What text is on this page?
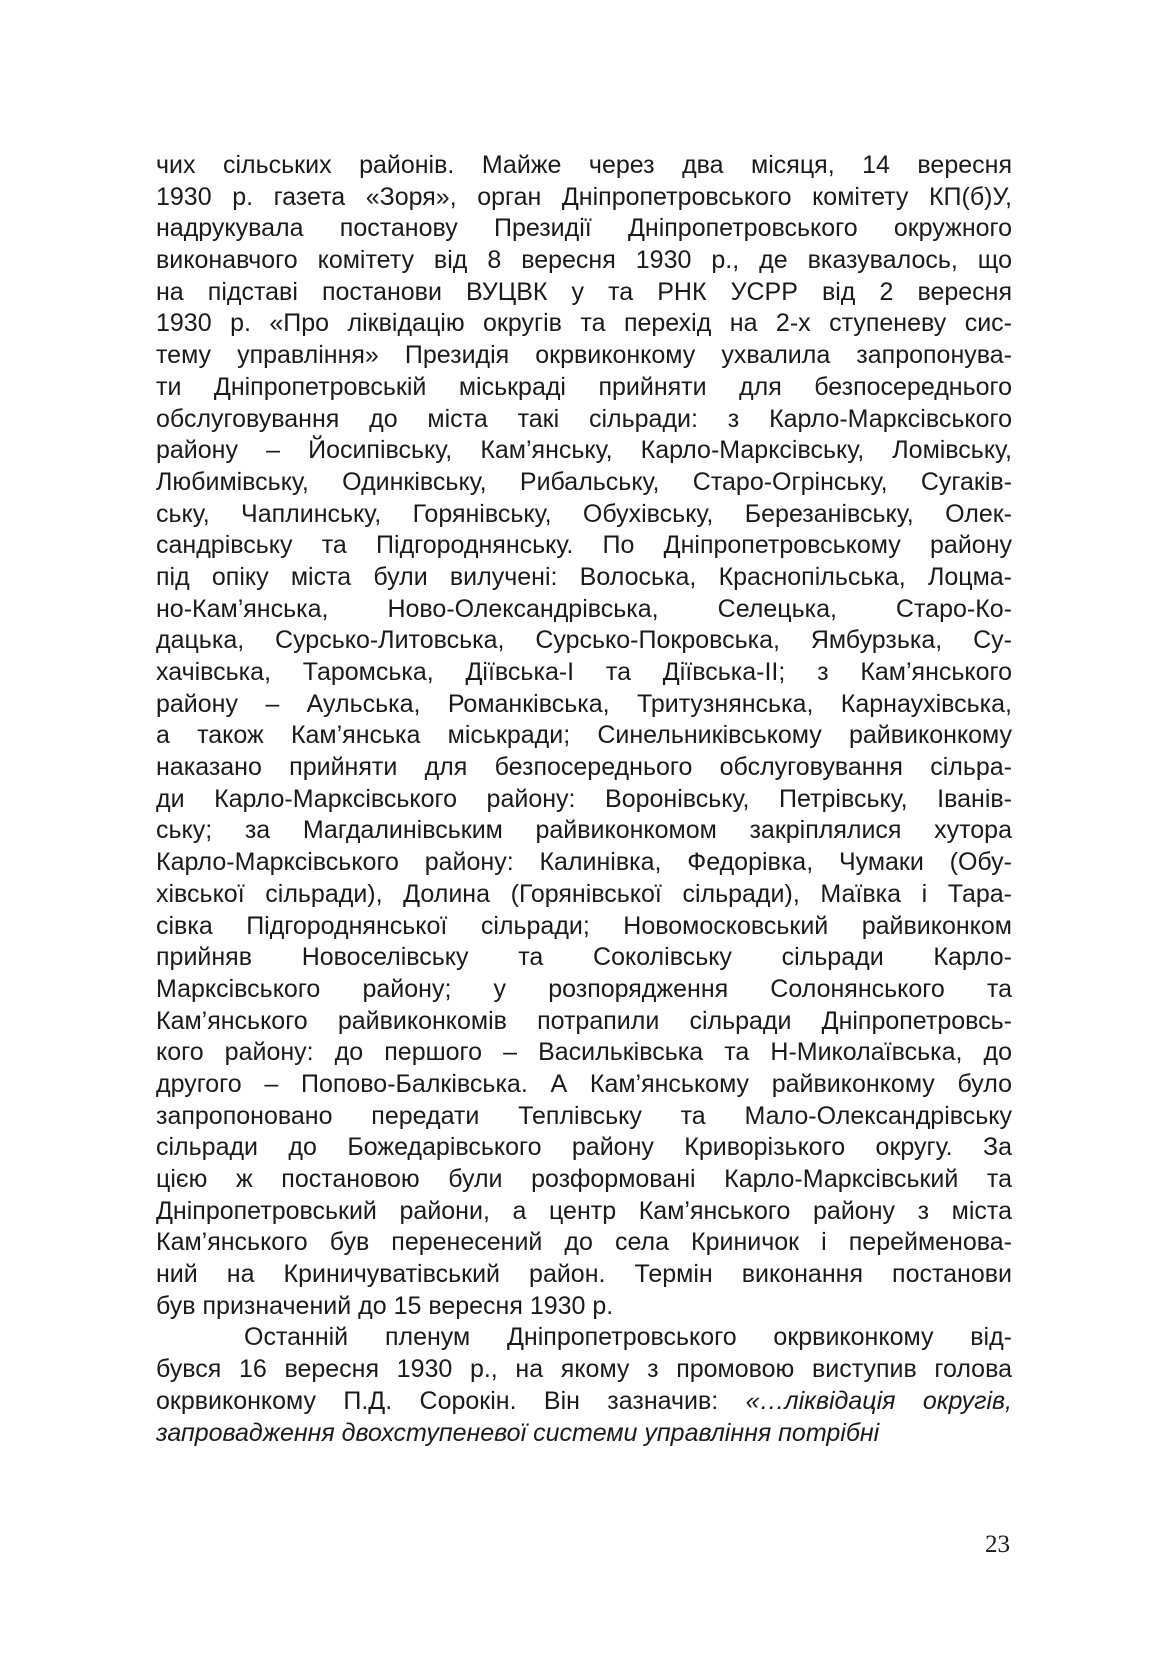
чих сільських районів. Майже через два місяця, 14 вересня
1930 р. газета «Зоря», орган Дніпропетровського комітету КП(б)У,
надрукувала постанову Президії Дніпропетровського окружного
виконавчого комітету від 8 вересня 1930 р., де вказувалось, що
на підставі постанови ВУЦВК у та РНК УСРР від 2 вересня
1930 р. «Про ліквідацію округів та перехід на 2-х ступеневу сис-
тему управління» Президія окрвиконкому ухвалила запропонува-
ти Дніпропетровській міськраді прийняти для безпосереднього
обслуговування до міста такі сільради: з Карло-Марксівського
району – Йосипівську, Кам’янську, Карло-Марксівську, Ломівську,
Любимівську, Одинківську, Рибальську, Старо-Огрінську, Сугаків-
ську, Чаплинську, Горянівську, Обухівську, Березанівську, Олек-
сандрівську та Підгороднянську. По Дніпропетровському району
під опіку міста були вилучені: Волоська, Краснопільська, Лоцма-
но-Кам’янська, Ново-Олександрівська, Селецька, Старо-Ко-
дацька, Сурсько-Литовська, Сурсько-Покровська, Ямбурзька, Су-
хачівська, Таромська, Діївська-І та Діївська-ІІ; з Кам’янського
району – Аульська, Романківська, Тритузнянська, Карнаухівська,
а також Кам’янська міськради; Синельниківському райвиконкому
наказано прийняти для безпосереднього обслуговування сільра-
ди Карло-Марксівського району: Воронівську, Петрівську, Іванів-
ську; за Магдалинівським райвиконкомом закріплялися хутора
Карло-Марксівського району: Калинівка, Федорівка, Чумаки (Обу-
хівської сільради), Долина (Горянівської сільради), Маївка і Тара-
сівка Підгороднянської сільради; Новомосковський райвиконком
прийняв Новоселівську та Соколівську сільради Карло-
Марксівського району; у розпорядження Солонянського та
Кам’янського райвиконкомів потрапили сільради Дніпропетровсь-
кого району: до першого – Васильківська та Н-Миколаївська, до
другого – Попово-Балківська. А Кам’янському райвиконкому було
запропоновано передати Теплівську та Мало-Олександрівську
сільради до Божедарівського району Криворізького округу. За
цією ж постановою були розформовані Карло-Марксівський та
Дніпропетровський райони, а центр Кам’янського району з міста
Кам’янського був перенесений до села Криничок і перейменова-
ний на Криничуватівський район. Термін виконання постанови
був призначений до 15 вересня 1930 р.
Останній пленум Дніпропетровського окрвиконкому від-
бувся 16 вересня 1930 р., на якому з промовою виступив голова
окрвиконкому П.Д. Сорокін. Він зазначив: «…ліквідація округів,
запровадження двохступеневої системи управління потрібні
23
